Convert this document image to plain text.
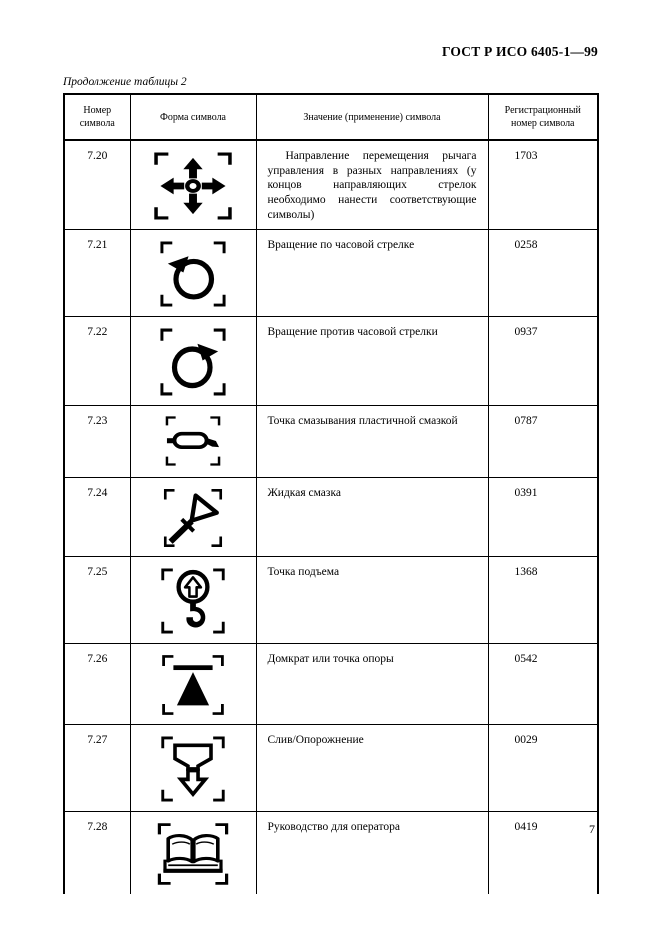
ГОСТ Р ИСО 6405-1—99
Продолжение таблицы 2
Номер символа	Форма символа	Значение (применение) символа	Регистрационный номер символа
7.20		Направление перемещения рычага управления в разных направлениях (у концов направляющих стрелок необходимо нанести соответствующие символы)	1703
7.21		Вращение по часовой стрелке	0258
7.22		Вращение против часовой стрелки	0937
7.23		Точка смазывания пластичной смазкой	0787
7.24		Жидкая смазка	0391
7.25		Точка подъема	1368
7.26		Домкрат или точка опоры	0542
7.27		Слив/Опорожнение	0029
7.28		Руководство для оператора	0419	7
